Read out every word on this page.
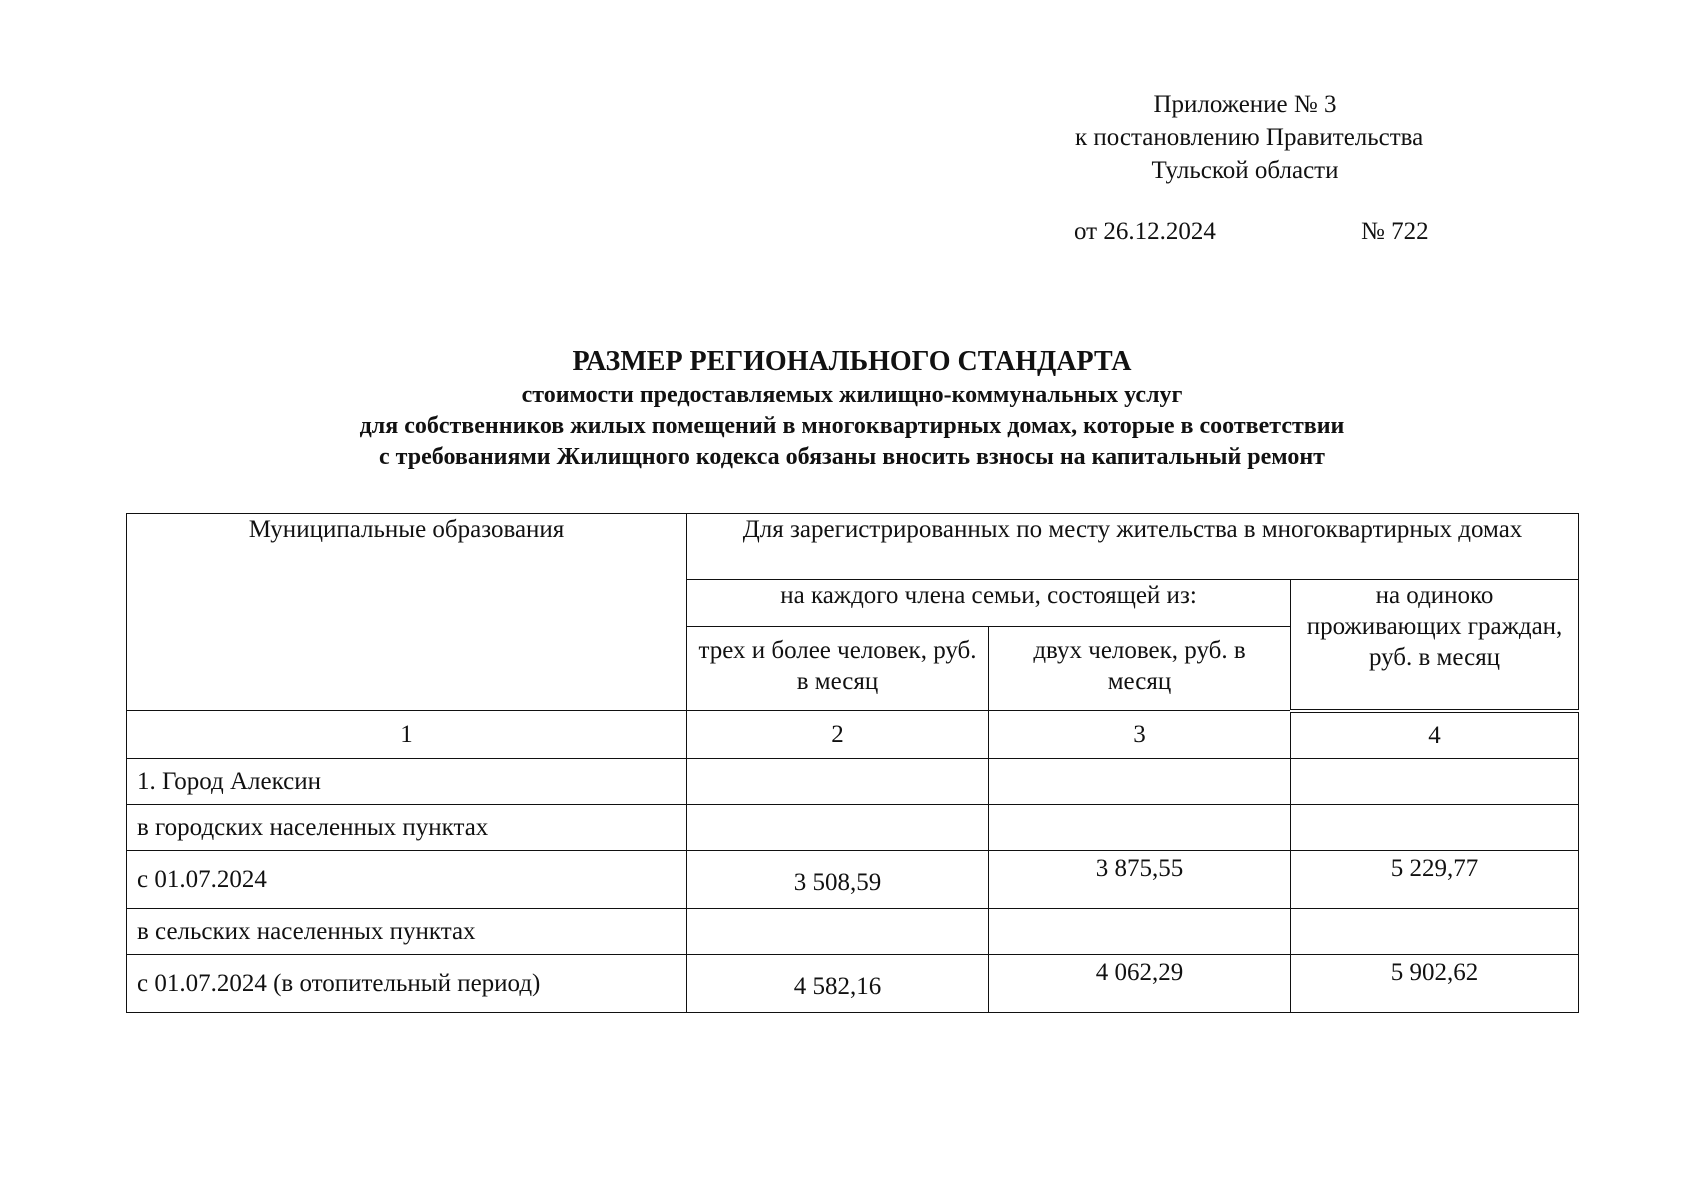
Приложение № 3
к постановлению Правительства
Тульской области
от 26.12.2024	№ 722
РАЗМЕР РЕГИОНАЛЬНОГО СТАНДАРТА
стоимости предоставляемых жилищно-коммунальных услуг
для собственников жилых помещений в многоквартирных домах, которые в соответствии
с требованиями Жилищного кодекса обязаны вносить взносы на капитальный ремонт
Муниципальные образования	Для зарегистрированных по месту жительства в многоквартирных домах		
	на каждого члена семьи, состоящей из:		на одиноко проживающих граждан, руб. в месяц
	трех и более человек, руб. в месяц	двух человек, руб. в месяц	
1	2	3	4
1. Город Алексин			
в городских населенных пунктах			
с 01.07.2024	3 508,59	3 875,55	5 229,77
в сельских населенных пунктах			
с 01.07.2024 (в отопительный период)	4 582,16	4 062,29	5 902,62
